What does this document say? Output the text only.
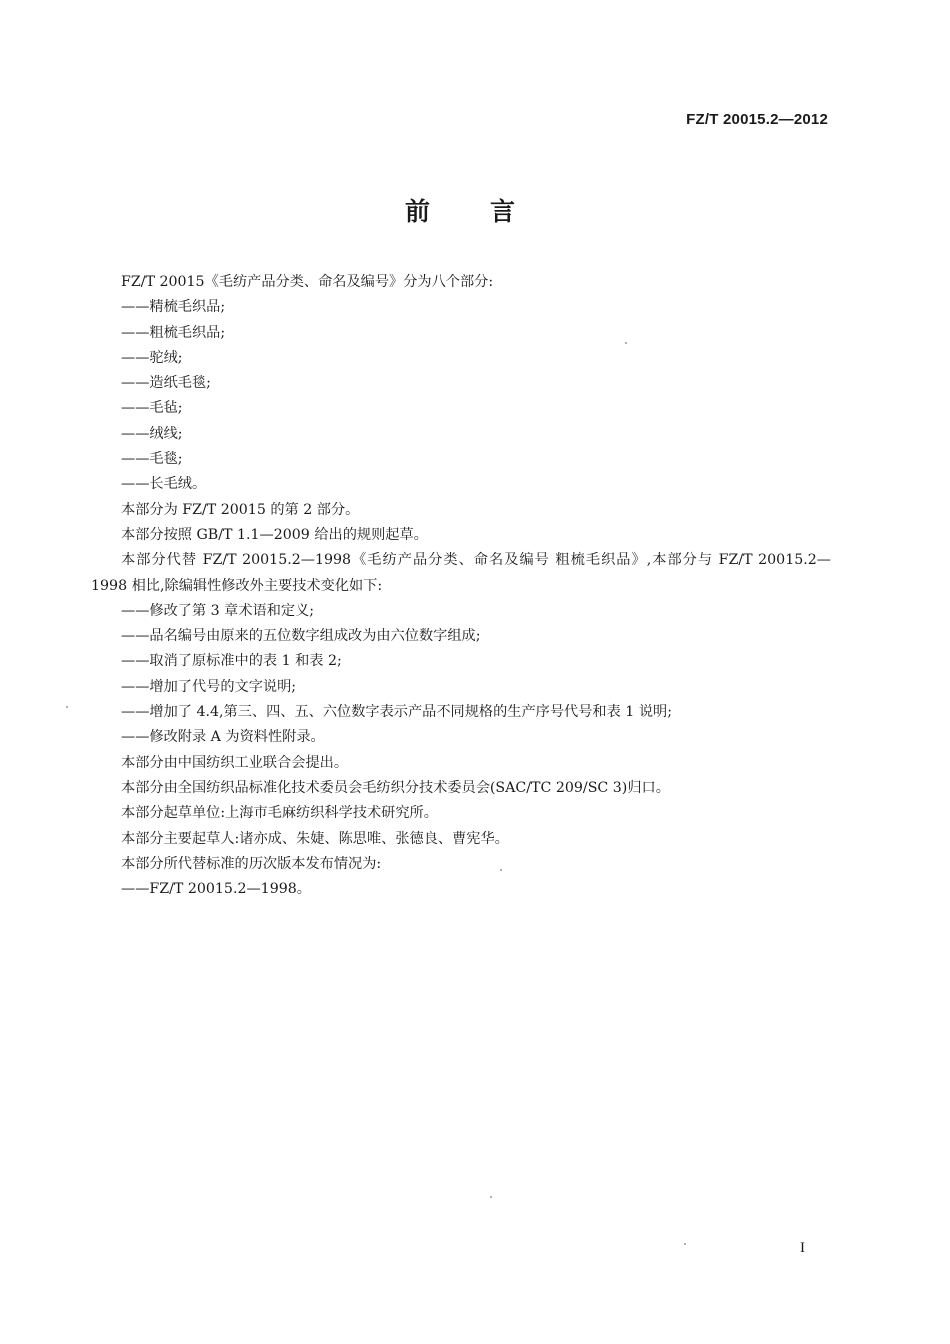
FZ/T 20015.2—2012
前言
FZ/T 20015《毛纺产品分类、命名及编号》分为八个部分:
——精梳毛织品;
——粗梳毛织品;
——驼绒;
——造纸毛毯;
——毛毡;
——绒线;
——毛毯;
——长毛绒。
本部分为 FZ/T 20015 的第 2 部分。
本部分按照 GB/T 1.1—2009 给出的规则起草。
本部分代替 FZ/T 20015.2—1998《毛纺产品分类、命名及编号 粗梳毛织品》,本部分与 FZ/T 20015.2—1998 相比,除编辑性修改外主要技术变化如下:
——修改了第 3 章术语和定义;
——品名编号由原来的五位数字组成改为由六位数字组成;
——取消了原标准中的表 1 和表 2;
——增加了代号的文字说明;
——增加了 4.4,第三、四、五、六位数字表示产品不同规格的生产序号代号和表 1 说明;
——修改附录 A 为资料性附录。
本部分由中国纺织工业联合会提出。
本部分由全国纺织品标准化技术委员会毛纺织分技术委员会(SAC/TC 209/SC 3)归口。
本部分起草单位:上海市毛麻纺织科学技术研究所。
本部分主要起草人:诸亦成、朱婕、陈思唯、张德良、曹宪华。
本部分所代替标准的历次版本发布情况为:
——FZ/T 20015.2—1998。
I
